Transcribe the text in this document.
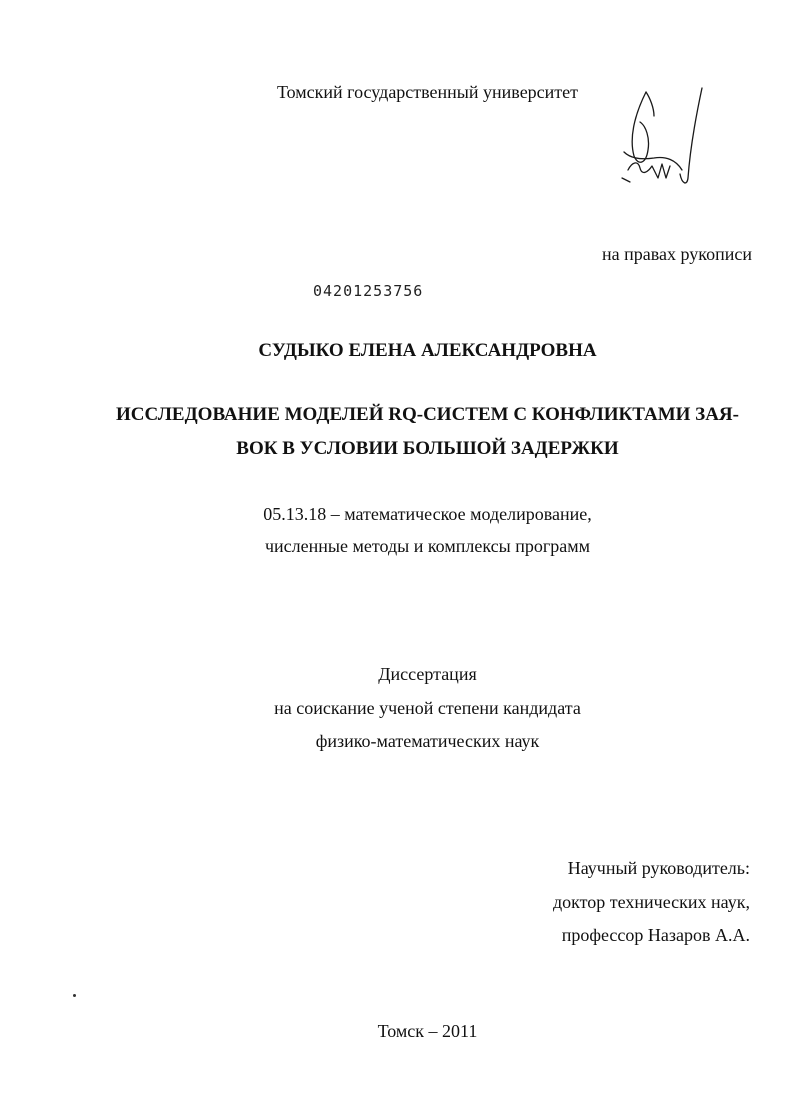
Томский государственный университет
на правах рукописи
04201253756
СУДЫКО ЕЛЕНА АЛЕКСАНДРОВНА
ИССЛЕДОВАНИЕ МОДЕЛЕЙ RQ-СИСТЕМ С КОНФЛИКТАМИ ЗАЯ-
ВОК В УСЛОВИИ БОЛЬШОЙ ЗАДЕРЖКИ
05.13.18 – математическое моделирование,
численные методы и комплексы программ
Диссертация
на соискание ученой степени кандидата
физико-математических наук
Научный руководитель:
доктор технических наук,
профессор Назаров А.А.
Томск – 2011
